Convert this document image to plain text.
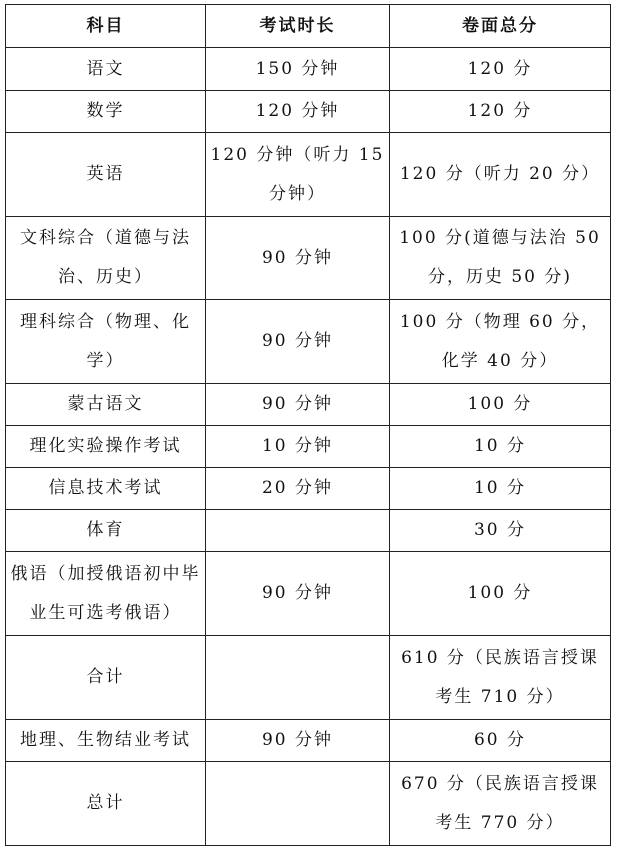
科目	考试时长	卷面总分
语文	150 分钟	120 分
数学	120 分钟	120 分
英语	120 分钟（听力 15 分钟）	120 分（听力 20 分）
文科综合（道德与法治、历史）	90 分钟	100 分(道德与法治 50 分，历史 50 分)
理科综合（物理、化学）	90 分钟	100 分（物理 60 分，化学 40 分）
蒙古语文	90 分钟	100 分
理化实验操作考试	10 分钟	10 分
信息技术考试	20 分钟	10 分
体育		30 分
俄语（加授俄语初中毕业生可选考俄语）	90 分钟	100 分
合计		610 分（民族语言授课考生 710 分）
地理、生物结业考试	90 分钟	60 分
总计		670 分（民族语言授课考生 770 分）
